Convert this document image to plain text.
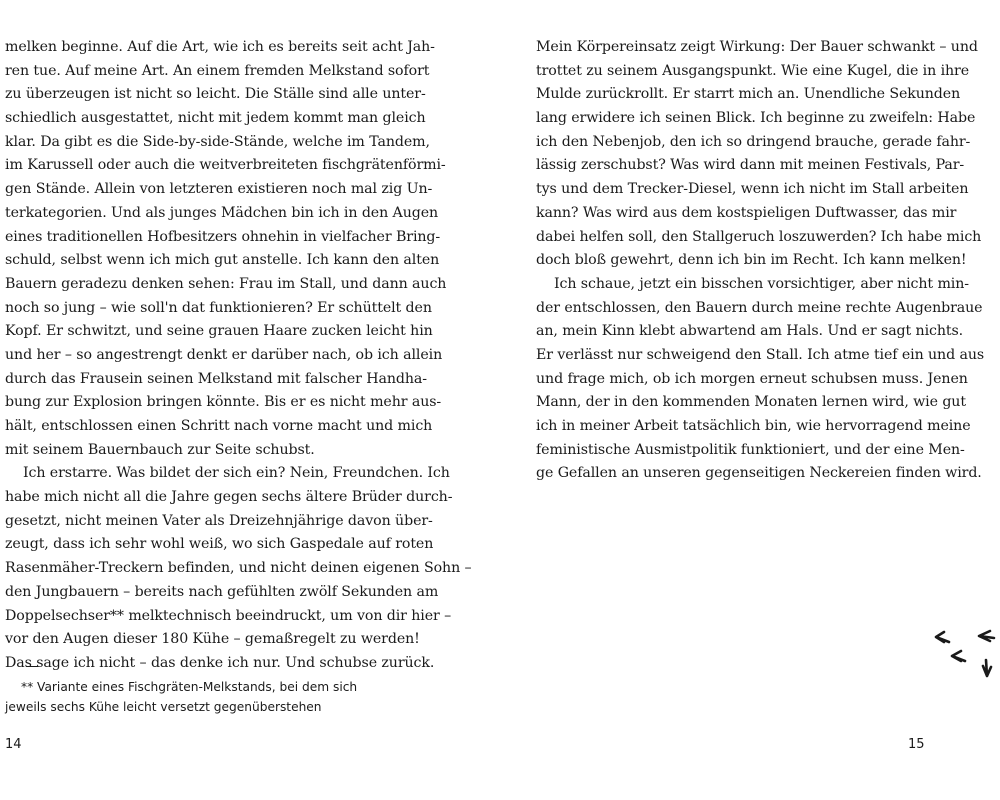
melken beginne. Auf die Art, wie ich es bereits seit acht Jah-
ren tue. Auf meine Art. An einem fremden Melkstand sofort
zu überzeugen ist nicht so leicht. Die Ställe sind alle unter-
schiedlich ausgestattet, nicht mit jedem kommt man gleich
klar. Da gibt es die Side-by-side-Stände, welche im Tandem,
im Karussell oder auch die weitverbreiteten fischgrätenförmi-
gen Stände. Allein von letzteren existieren noch mal zig Un-
terkategorien. Und als junges Mädchen bin ich in den Augen
eines traditionellen Hofbesitzers ohnehin in vielfacher Bring-
schuld, selbst wenn ich mich gut anstelle. Ich kann den alten
Bauern geradezu denken sehen: Frau im Stall, und dann auch
noch so jung – wie soll'n dat funktionieren? Er schüttelt den
Kopf. Er schwitzt, und seine grauen Haare zucken leicht hin
und her – so angestrengt denkt er darüber nach, ob ich allein
durch das Frausein seinen Melkstand mit falscher Handha-
bung zur Explosion bringen könnte. Bis er es nicht mehr aus-
hält, entschlossen einen Schritt nach vorne macht und mich
mit seinem Bauernbauch zur Seite schubst.
Ich erstarre. Was bildet der sich ein? Nein, Freundchen. Ich
habe mich nicht all die Jahre gegen sechs ältere Brüder durch-
gesetzt, nicht meinen Vater als Dreizehnjährige davon über-
zeugt, dass ich sehr wohl weiß, wo sich Gaspedale auf roten
Rasenmäher-Treckern befinden, und nicht deinen eigenen Sohn –
den Jungbauern – bereits nach gefühlten zwölf Sekunden am
Doppelsechser** melktechnisch beeindruckt, um von dir hier –
vor den Augen dieser 180 Kühe – gemaßregelt zu werden!
Das sage ich nicht – das denke ich nur. Und schubse zurück.
** Variante eines Fischgräten-Melkstands, bei dem sich
jeweils sechs Kühe leicht versetzt gegenüberstehen
14
Mein Körpereinsatz zeigt Wirkung: Der Bauer schwankt – und
trottet zu seinem Ausgangspunkt. Wie eine Kugel, die in ihre
Mulde zurückrollt. Er starrt mich an. Unendliche Sekunden
lang erwidere ich seinen Blick. Ich beginne zu zweifeln: Habe
ich den Nebenjob, den ich so dringend brauche, gerade fahr-
lässig zerschubst? Was wird dann mit meinen Festivals, Par-
tys und dem Trecker-Diesel, wenn ich nicht im Stall arbeiten
kann? Was wird aus dem kostspieligen Duftwasser, das mir
dabei helfen soll, den Stallgeruch loszuwerden? Ich habe mich
doch bloß gewehrt, denn ich bin im Recht. Ich kann melken!
Ich schaue, jetzt ein bisschen vorsichtiger, aber nicht min-
der entschlossen, den Bauern durch meine rechte Augenbraue
an, mein Kinn klebt abwartend am Hals. Und er sagt nichts.
Er verlässt nur schweigend den Stall. Ich atme tief ein und aus
und frage mich, ob ich morgen erneut schubsen muss. Jenen
Mann, der in den kommenden Monaten lernen wird, wie gut
ich in meiner Arbeit tatsächlich bin, wie hervorragend meine
feministische Ausmistpolitik funktioniert, und der eine Men-
ge Gefallen an unseren gegenseitigen Neckereien finden wird.
15
